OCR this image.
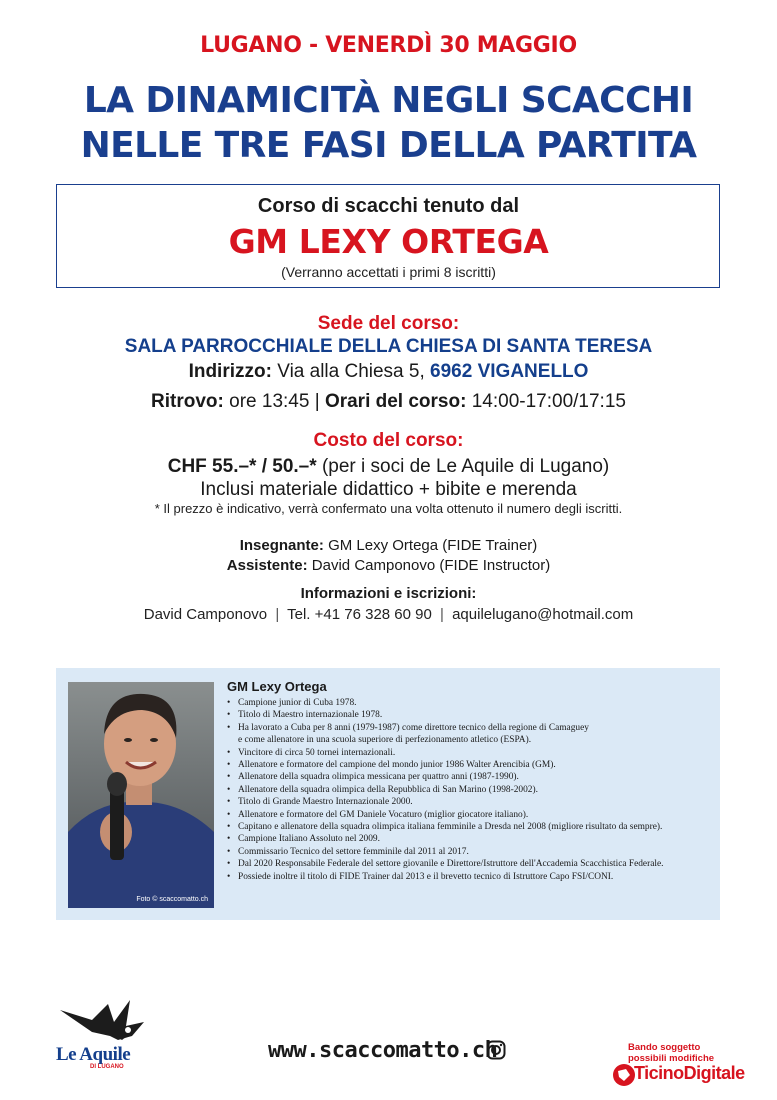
LUGANO - VENERDÌ 30 MAGGIO
LA DINAMICITÀ NEGLI SCACCHI
NELLE TRE FASI DELLA PARTITA
Corso di scacchi tenuto dal
GM LEXY ORTEGA
(Verranno accettati i primi 8 iscritti)
Sede del corso:
SALA PARROCCHIALE DELLA CHIESA DI SANTA TERESA
Indirizzo: Via alla Chiesa 5, 6962 VIGANELLO
Ritrovo: ore 13:45 | Orari del corso: 14:00-17:00/17:15
Costo del corso:
CHF 55.–* / 50.–* (per i soci de Le Aquile di Lugano)
Inclusi materiale didattico + bibite e merenda
* Il prezzo è indicativo, verrà confermato una volta ottenuto il numero degli iscritti.
Insegnante: GM Lexy Ortega (FIDE Trainer)
Assistente: David Camponovo (FIDE Instructor)
Informazioni e iscrizioni:
David Camponovo | Tel. +41 76 328 60 90 | aquilelugano@hotmail.com
Foto © scaccomatto.ch
GM Lexy Ortega
• Campione junior di Cuba 1978.
• Titolo di Maestro internazionale 1978.
• Ha lavorato a Cuba per 8 anni (1979-1987) come direttore tecnico della regione di Camaguey
e come allenatore in una scuola superiore di perfezionamento atletico (ESPA).
• Vincitore di circa 50 tornei internazionali.
• Allenatore e formatore del campione del mondo junior 1986 Walter Arencibia (GM).
• Allenatore della squadra olimpica messicana per quattro anni (1987-1990).
• Allenatore della squadra olimpica della Repubblica di San Marino (1998-2002).
• Titolo di Grande Maestro Internazionale 2000.
• Allenatore e formatore del GM Daniele Vocaturo (miglior giocatore italiano).
• Capitano e allenatore della squadra olimpica italiana femminile a Dresda nel 2008 (migliore risultato da sempre).
• Campione Italiano Assoluto nel 2009.
• Commissario Tecnico del settore femminile dal 2011 al 2017.
• Dal 2020 Responsabile Federale del settore giovanile e Direttore/Istruttore dell'Accademia Scacchistica Federale.
• Possiede inoltre il titolo di FIDE Trainer dal 2013 e il brevetto tecnico di Istruttore Capo FSI/CONI.
Le Aquile
DI LUGANO
www.scaccomatto.ch	Bando soggetto
possibili modifiche
TicinoDigitale
